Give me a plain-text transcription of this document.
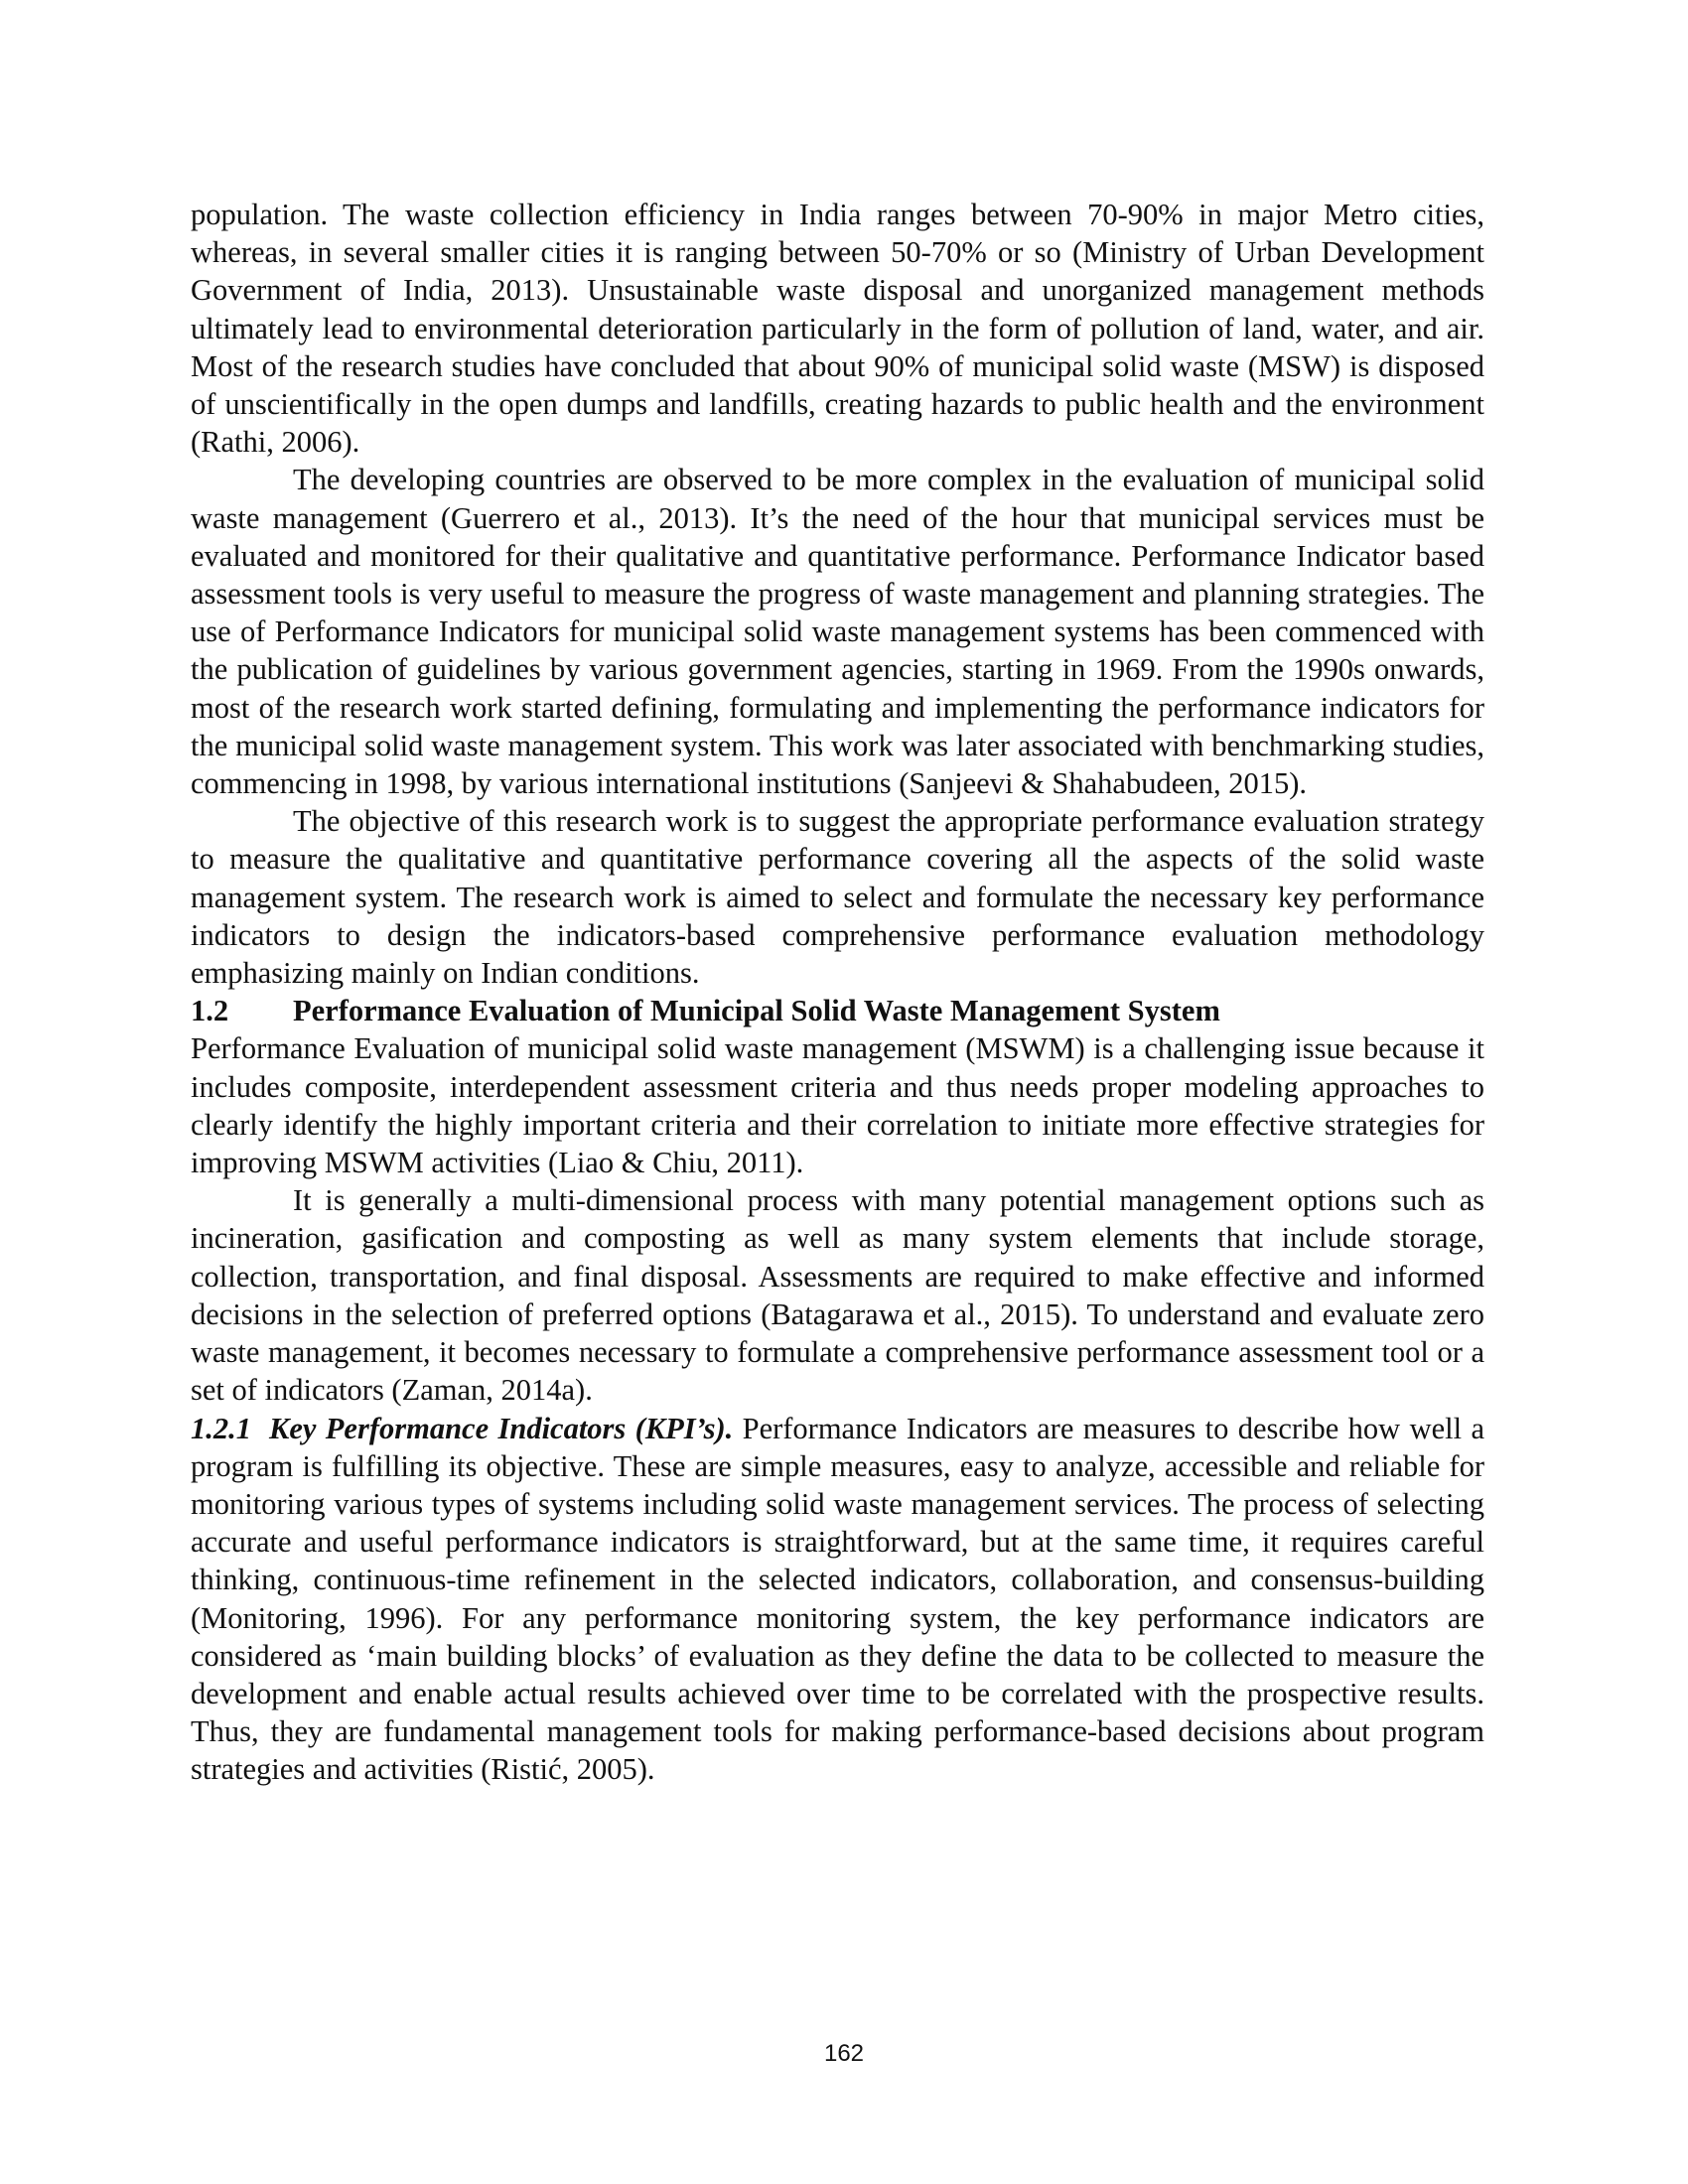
population. The waste collection efficiency in India ranges between 70-90% in major Metro cities, whereas, in several smaller cities it is ranging between 50-70% or so (Ministry of Urban Development Government of India, 2013). Unsustainable waste disposal and unorganized management methods ultimately lead to environmental deterioration particularly in the form of pollution of land, water, and air. Most of the research studies have concluded that about 90% of municipal solid waste (MSW) is disposed of unscientifically in the open dumps and landfills, creating hazards to public health and the environment (Rathi, 2006).

The developing countries are observed to be more complex in the evaluation of municipal solid waste management (Guerrero et al., 2013). It’s the need of the hour that municipal services must be evaluated and monitored for their qualitative and quantitative performance. Performance Indicator based assessment tools is very useful to measure the progress of waste management and planning strategies. The use of Performance Indicators for municipal solid waste management systems has been commenced with the publication of guidelines by various government agencies, starting in 1969. From the 1990s onwards, most of the research work started defining, formulating and implementing the performance indicators for the municipal solid waste management system. This work was later associated with benchmarking studies, commencing in 1998, by various international institutions (Sanjeevi & Shahabudeen, 2015).

The objective of this research work is to suggest the appropriate performance evaluation strategy to measure the qualitative and quantitative performance covering all the aspects of the solid waste management system. The research work is aimed to select and formulate the necessary key performance indicators to design the indicators-based comprehensive performance evaluation methodology emphasizing mainly on Indian conditions.

1.2 Performance Evaluation of Municipal Solid Waste Management System

Performance Evaluation of municipal solid waste management (MSWM) is a challenging issue because it includes composite, interdependent assessment criteria and thus needs proper modeling approaches to clearly identify the highly important criteria and their correlation to initiate more effective strategies for improving MSWM activities (Liao & Chiu, 2011).

It is generally a multi-dimensional process with many potential management options such as incineration, gasification and composting as well as many system elements that include storage, collection, transportation, and final disposal. Assessments are required to make effective and informed decisions in the selection of preferred options (Batagarawa et al., 2015). To understand and evaluate zero waste management, it becomes necessary to formulate a comprehensive performance assessment tool or a set of indicators (Zaman, 2014a).

1.2.1 Key Performance Indicators (KPI’s). Performance Indicators are measures to describe how well a program is fulfilling its objective. These are simple measures, easy to analyze, accessible and reliable for monitoring various types of systems including solid waste management services. The process of selecting accurate and useful performance indicators is straightforward, but at the same time, it requires careful thinking, continuous-time refinement in the selected indicators, collaboration, and consensus-building (Monitoring, 1996). For any performance monitoring system, the key performance indicators are considered as ‘main building blocks’ of evaluation as they define the data to be collected to measure the development and enable actual results achieved over time to be correlated with the prospective results. Thus, they are fundamental management tools for making performance-based decisions about program strategies and activities (Ristić, 2005).

162
